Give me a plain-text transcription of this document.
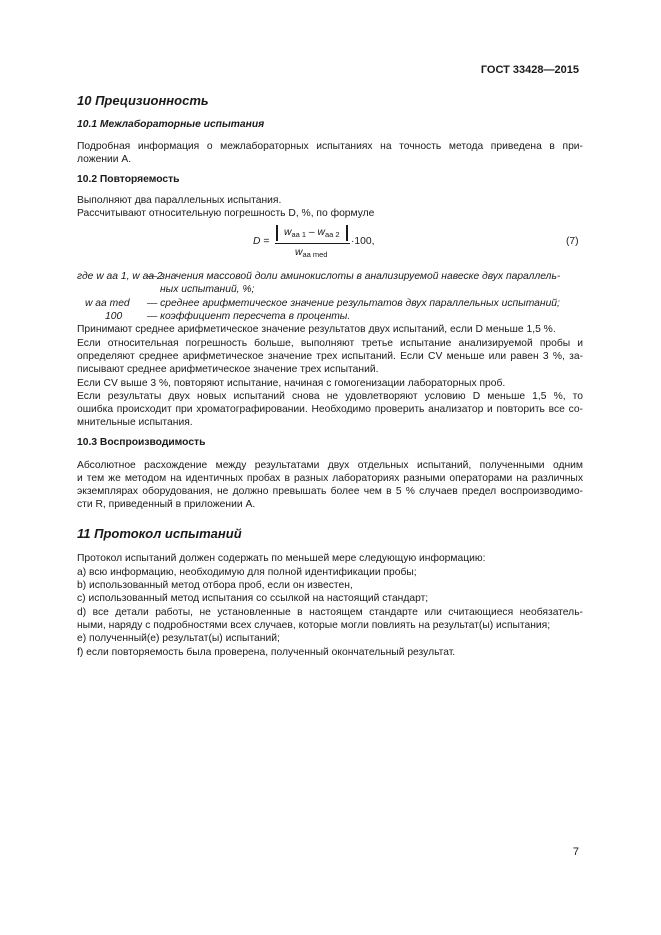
ГОСТ 33428—2015
10 Прецизионность
10.1 Межлабораторные испытания
Подробная информация о межлабораторных испытаниях на точность метода приведена в при-
ложении А.
10.2 Повторяемость
Выполняют два параллельных испытания.
Рассчитывают относительную погрешность D, %, по формуле
D =
$w_{aa 1} - w_{aa 2}$
$w_{aa med}$
·100,	(7)
где w aa 1, w aa 2
— значения массовой доли аминокислоты в анализируемой навеске двух параллель-
ных испытаний, %;
w aa med	— среднее арифметическое значение результатов двух параллельных испытаний;
100	— коэффициент пересчета в проценты.
Принимают среднее арифметическое значение результатов двух испытаний, если D меньше 1,5 %.
Если относительная погрешность больше, выполняют третье испытание анализируемой пробы и
определяют среднее арифметическое значение трех испытаний. Если CV меньше или равен 3 %, за-
писывают среднее арифметическое значение трех испытаний.
Если CV выше 3 %, повторяют испытание, начиная с гомогенизации лабораторных проб.
Если результаты двух новых испытаний снова не удовлетворяют условию D меньше 1,5 %, то
ошибка происходит при хроматографировании. Необходимо проверить анализатор и повторить все со-
мнительные испытания.
10.3 Воспроизводимость
Абсолютное расхождение между результатами двух отдельных испытаний, полученными одним
и тем же методом на идентичных пробах в разных лабораториях разными операторами на различных
экземплярах оборудования, не должно превышать более чем в 5 % случаев предел воспроизводимо-
сти R, приведенный в приложении А.
11 Протокол испытаний
Протокол испытаний должен содержать по меньшей мере следующую информацию:
a) всю информацию, необходимую для полной идентификации пробы;
b) использованный метод отбора проб, если он известен,
c) использованный метод испытания со ссылкой на настоящий стандарт;
d) все детали работы, не установленные в настоящем стандарте или считающиеся необязатель-
ными, наряду с подробностями всех случаев, которые могли повлиять на результат(ы) испытания;
e) полученный(е) результат(ы) испытаний;
f) если повторяемость была проверена, полученный окончательный результат.
7
